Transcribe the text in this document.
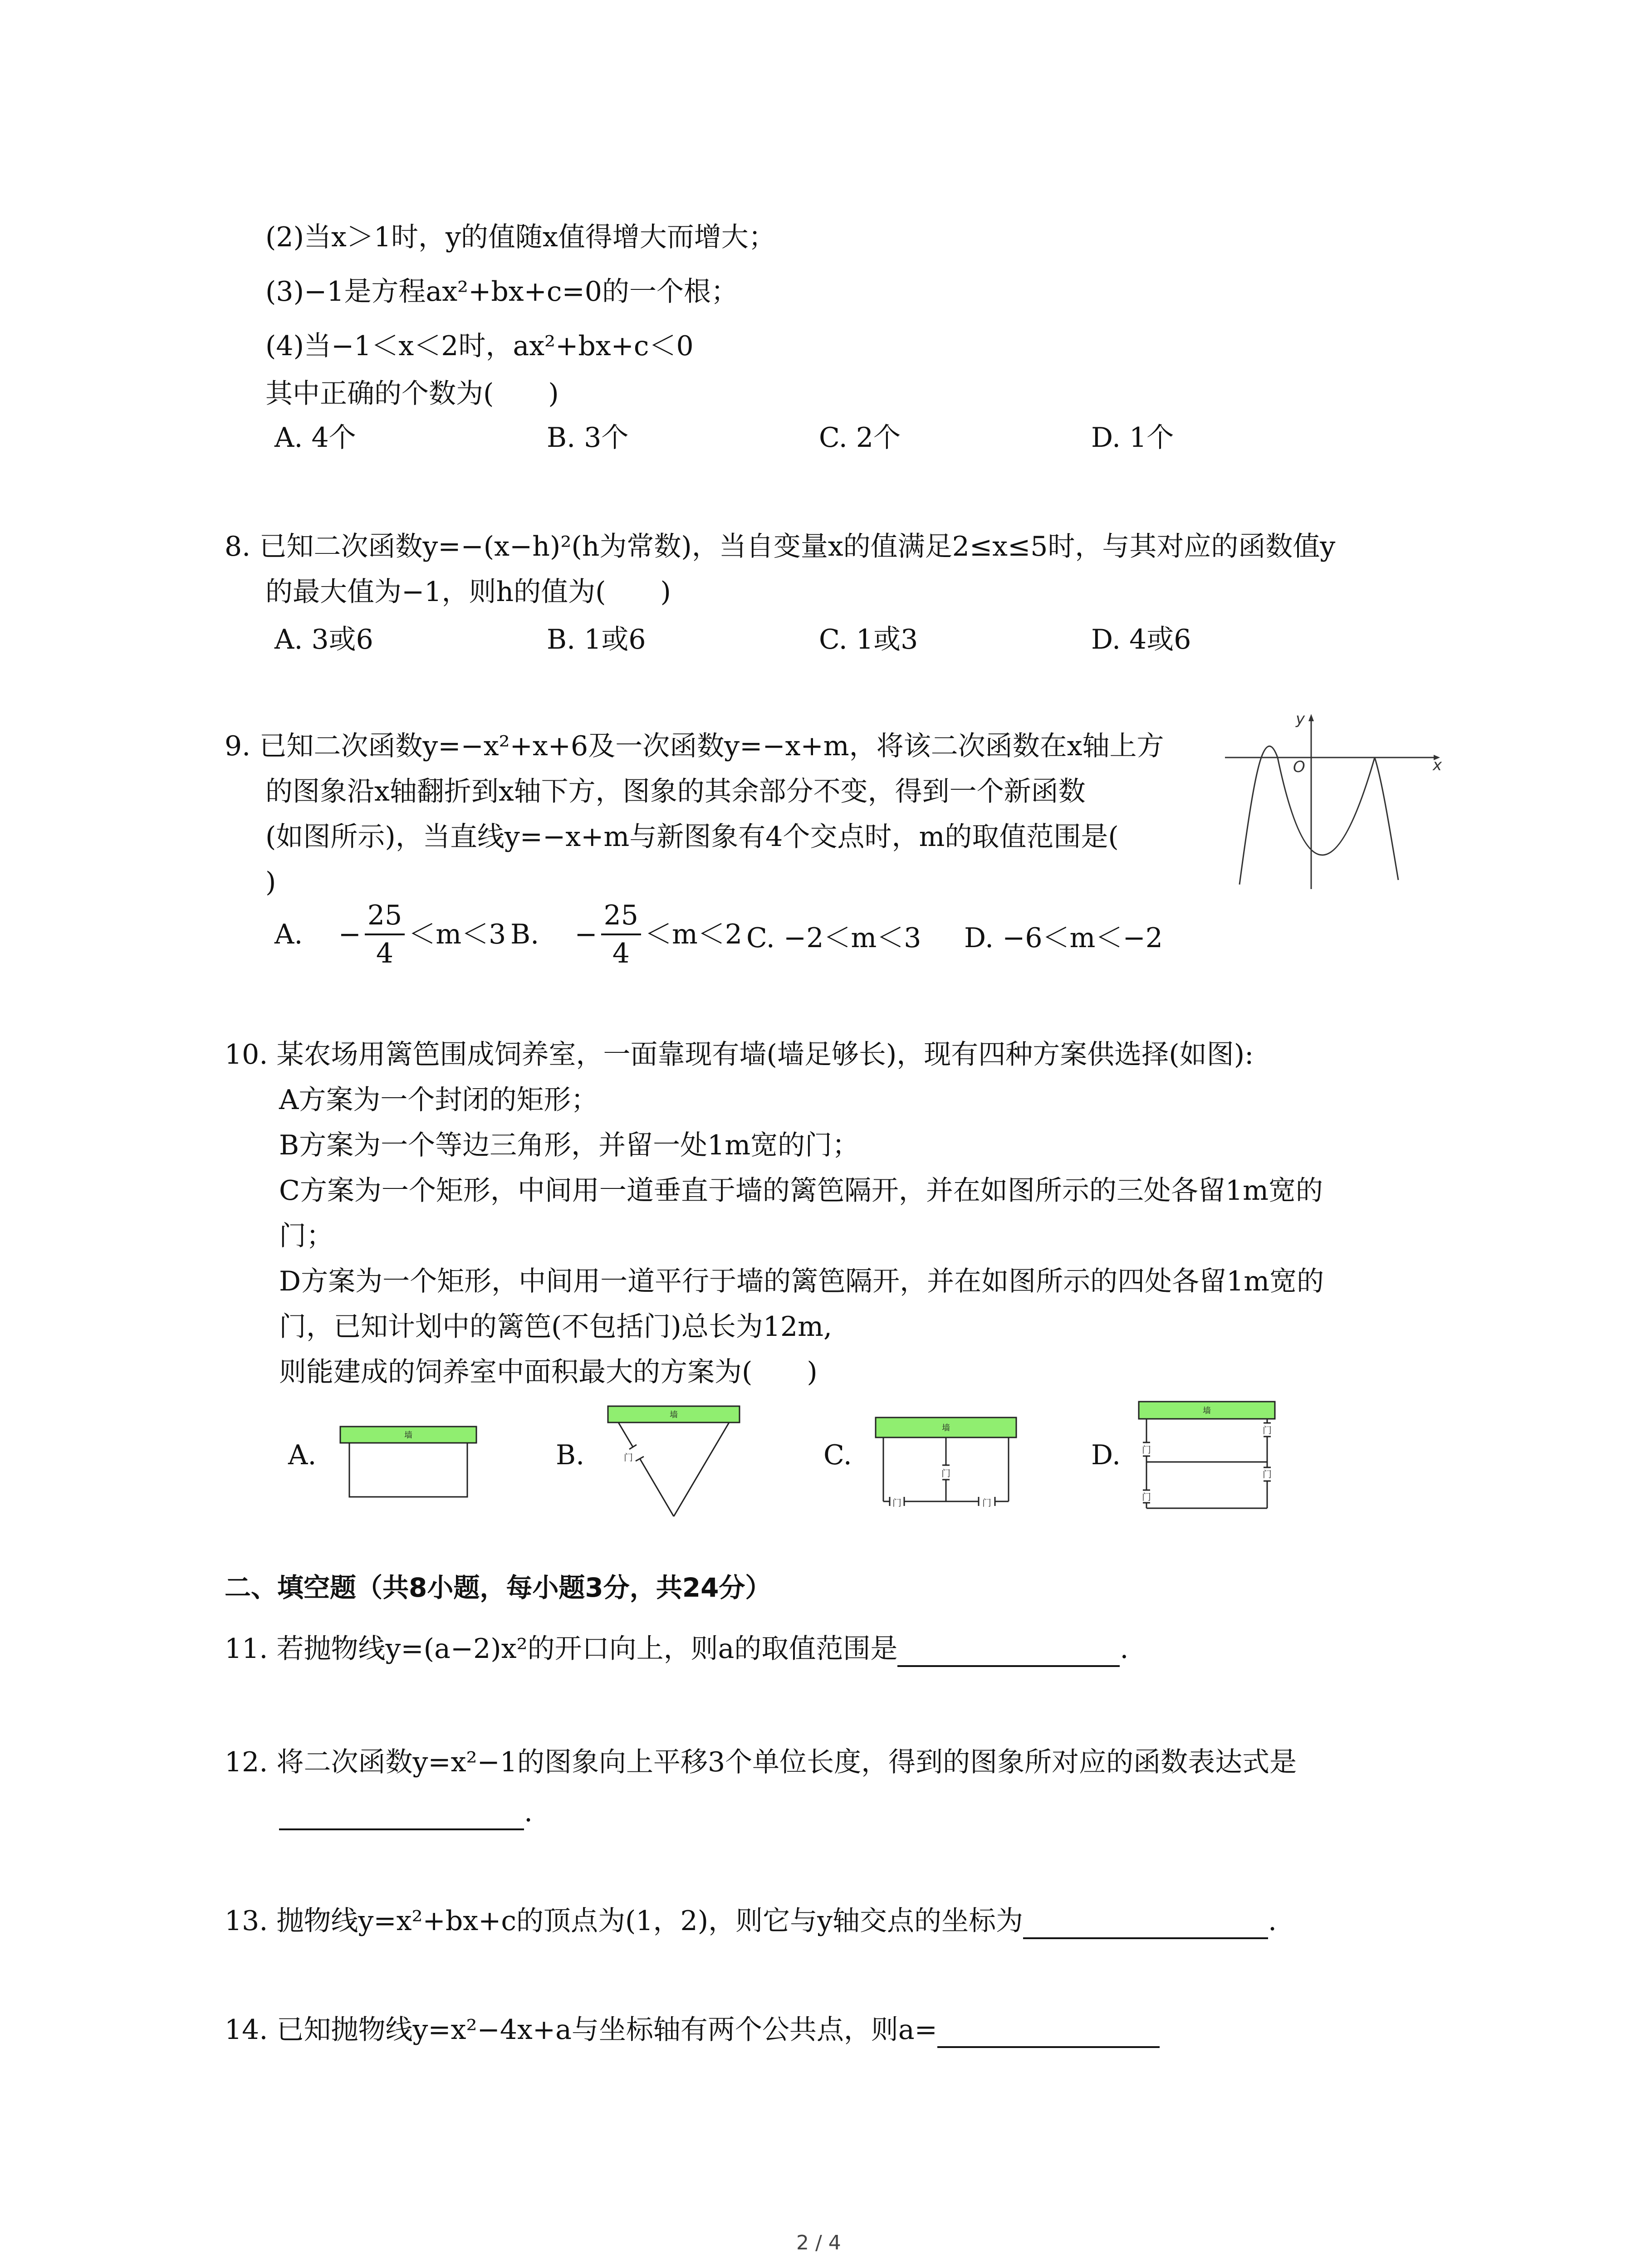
(2)当x＞1时，y的值随x值得增大而增大；
(3)−1是方程ax²+bx+c=0的一个根；
(4)当−1＜x＜2时，ax²+bx+c＜0
其中正确的个数为(　　)
A. 4个	B. 3个	C. 2个	D. 1个
8. 已知二次函数y=−(x−h)²(h为常数)，当自变量x的值满足2≤x≤5时，与其对应的函数值y
的最大值为−1，则h的值为(　　)
A. 3或6	B. 1或6	C. 1或3	D. 4或6
9. 已知二次函数y=−x²+x+6及一次函数y=−x+m，将该二次函数在x轴上方
的图象沿x轴翻折到x轴下方，图象的其余部分不变，得到一个新函数
(如图所示)，当直线y=−x+m与新图象有4个交点时，m的取值范围是(
)
x
y
O
A. − $\frac{25}{4} <m<3$ B. − $\frac{25}{4} <m<2$ C. −2＜m＜3 D. −6＜m＜−2
10. 某农场用篱笆围成饲养室，一面靠现有墙(墙足够长)，现有四种方案供选择(如图):
A方案为一个封闭的矩形；
B方案为一个等边三角形，并留一处1m宽的门；
C方案为一个矩形，中间用一道垂直于墙的篱笆隔开，并在如图所示的三处各留1m宽的
门；
D方案为一个矩形，中间用一道平行于墙的篱笆隔开，并在如图所示的四处各留1m宽的
门，已知计划中的篱笆(不包括门)总长为12m,
则能建成的饲养室中面积最大的方案为(　　)
A.
墙
B.
墙
门	C.
墙
门
门	门
D.
墙
门
门
门
门
二、填空题（共8小题，每小题3分，共24分）
11. 若抛物线y=(a−2)x²的开口向上，则a的取值范围是	.
12. 将二次函数y=x²−1的图象向上平移3个单位长度，得到的图象所对应的函数表达式是
.
13. 抛物线y=x²+bx+c的顶点为(1，2)，则它与y轴交点的坐标为	.
14. 已知抛物线y=x²−4x+a与坐标轴有两个公共点，则a=
2 / 4
